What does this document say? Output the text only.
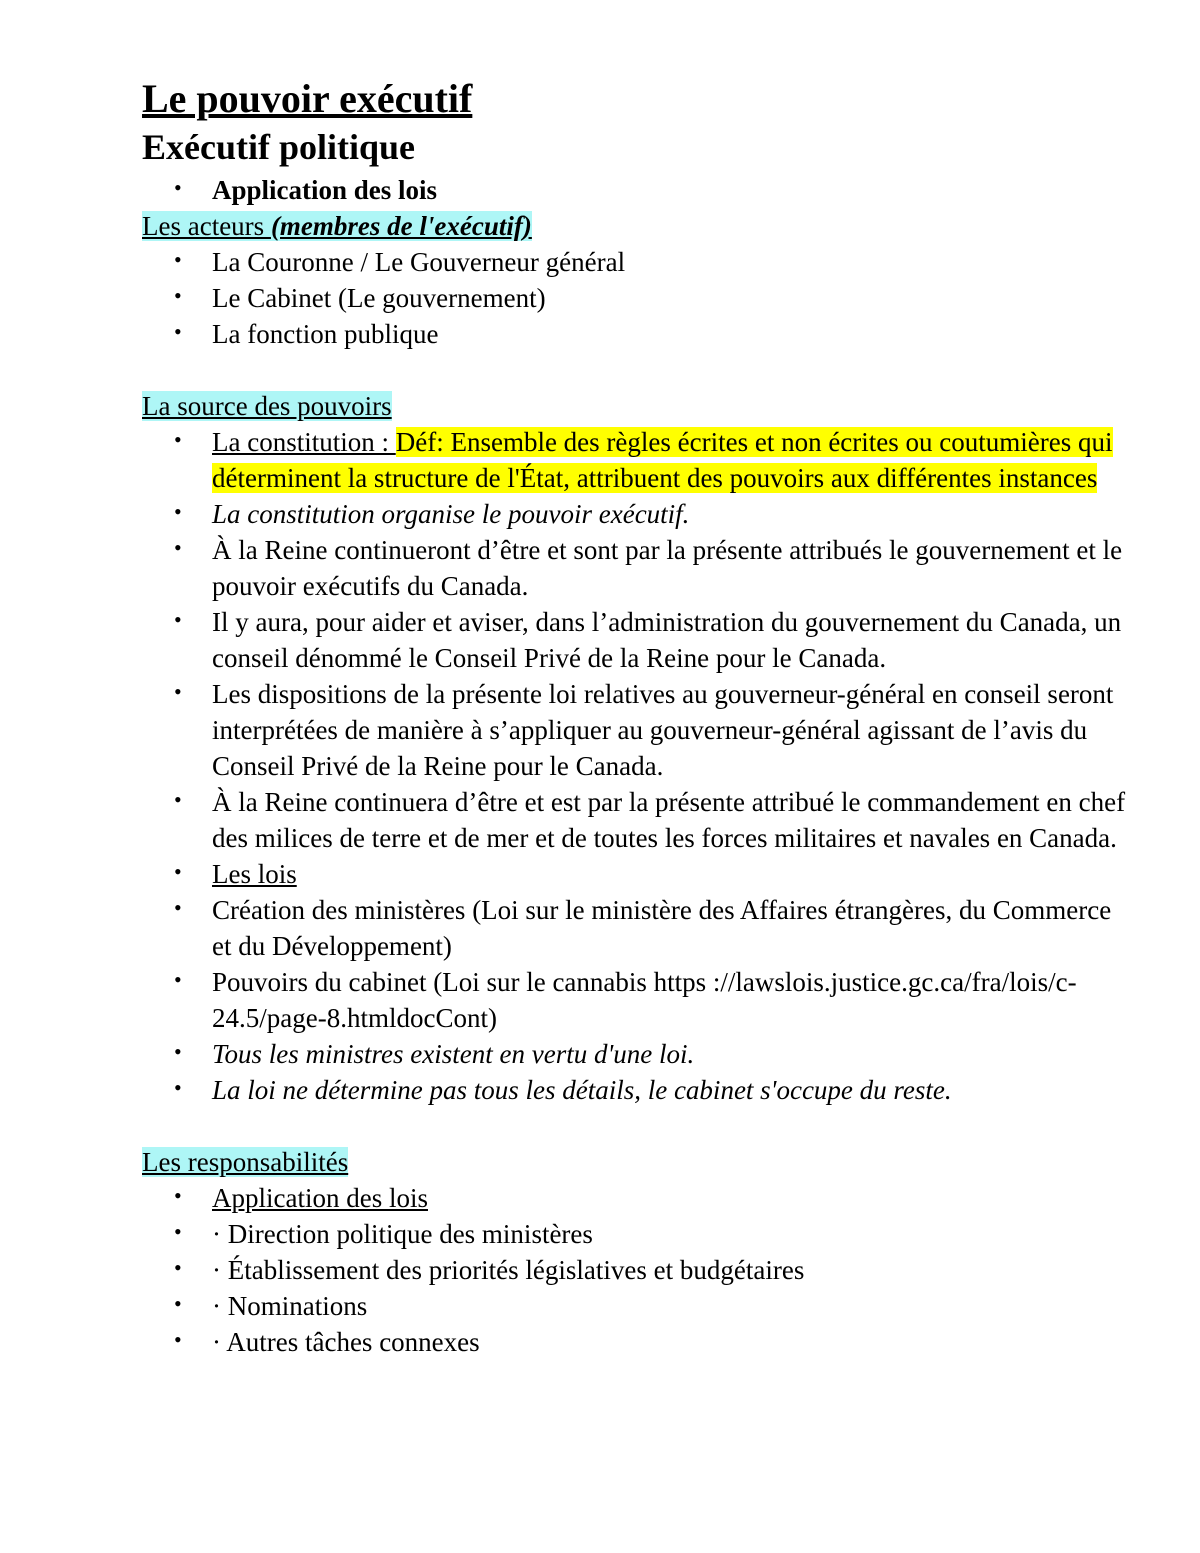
Le pouvoir exécutif
Exécutif politique
• Application des lois

Les acteurs (membres de l'exécutif)

• La Couronne / Le Gouverneur général
• Le Cabinet (Le gouvernement)
• La fonction publique

La source des pouvoirs

• La constitution : Déf: Ensemble des règles écrites et non écrites ou coutumières qui déterminent la structure de l'État, attribuent des pouvoirs aux différentes instances
• La constitution organise le pouvoir exécutif.
• À la Reine continueront d’être et sont par la présente attribués le gouvernement et le pouvoir exécutifs du Canada.
• Il y aura, pour aider et aviser, dans l’administration du gouvernement du Canada, un conseil dénommé le Conseil Privé de la Reine pour le Canada.
• Les dispositions de la présente loi relatives au gouverneur-général en conseil seront interprétées de manière à s’appliquer au gouverneur-général agissant de l’avis du Conseil Privé de la Reine pour le Canada.
• À la Reine continuera d’être et est par la présente attribué le commandement en chef des milices de terre et de mer et de toutes les forces militaires et navales en Canada.
• Les lois
• Création des ministères (Loi sur le ministère des Affaires étrangères, du Commerce et du Développement)
• Pouvoirs du cabinet (Loi sur le cannabis https ://lawslois.justice.gc.ca/fra/lois/c-24.5/page-8.htmldocCont)
• Tous les ministres existent en vertu d'une loi.
• La loi ne détermine pas tous les détails, le cabinet s'occupe du reste.

Les responsabilités

• Application des lois
• · Direction politique des ministères
• · Établissement des priorités législatives et budgétaires
• · Nominations
• · Autres tâches connexes
